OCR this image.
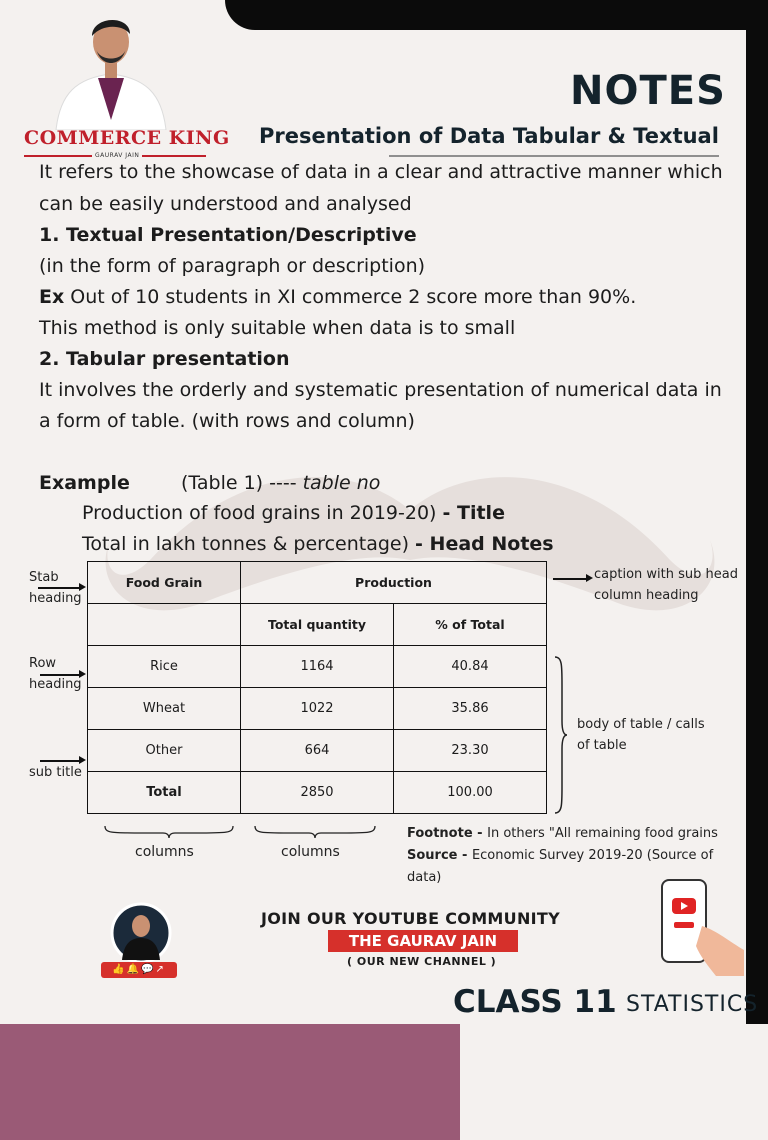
COMMERCE KING
GAURAV JAIN
NOTES
Presentation of Data Tabular & Textual
It refers to the showcase of data in a clear and attractive manner which
can be easily understood and analysed
1. Textual Presentation/Descriptive
(in the form of paragraph or description)
Ex Out of 10 students in XI commerce 2 score more than 90%.
This method is only suitable when data is to small
2. Tabular presentation
It involves the orderly and systematic presentation of numerical data in
a form of table. (with rows and column)
Example	(Table 1) ---- table no
Production of food grains in 2019-20) - Title
Total in lakh tonnes & percentage) - Head Notes
Food Grain	Production	
	Total quantity	% of Total
Rice	1164	40.84
Wheat	1022	35.86
Other	664	23.30
Total	2850	100.00
Stab
heading
Row
heading
sub title
caption with sub head
column heading
body of table / calls
of table
columns	columns
Footnote - In others "All remaining food grains
Source - Economic Survey 2019-20 (Source of
data)
👍🔔💬↗
JOIN OUR YOUTUBE COMMUNITY
THE GAURAV JAIN
( OUR NEW CHANNEL )
CLASS 11 STATISTICS
